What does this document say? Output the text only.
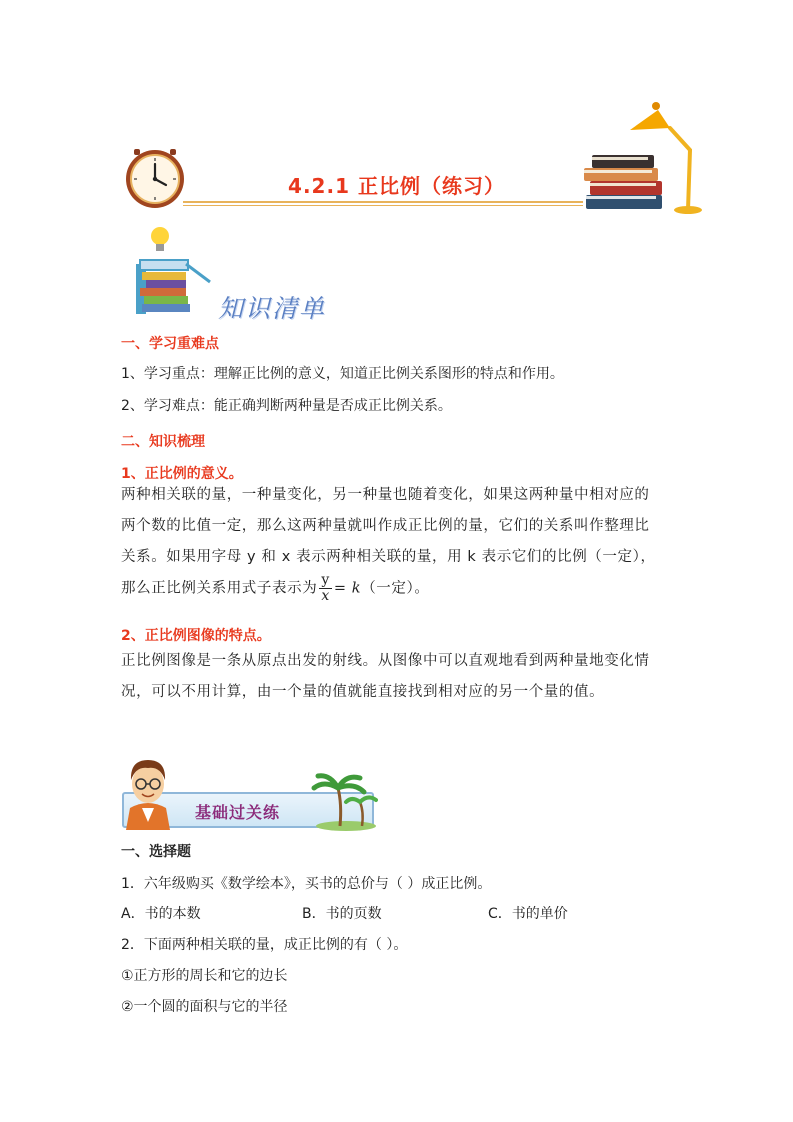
4.2.1 正比例（练习）
知识清单
一、学习重难点
1、学习重点：理解正比例的意义，知道正比例关系图形的特点和作用。
2、学习难点：能正确判断两种量是否成正比例关系。
二、知识梳理
1、正比例的意义。
两种相关联的量，一种量变化，另一种量也随着变化，如果这两种量中相对应的两个数的比值一定，那么这两种量就叫作成正比例的量，它们的关系叫作整理比关系。如果用字母 y 和 x 表示两种相关联的量，用 k 表示它们的比例（一定），那么正比例关系用式子表示为 $\frac{y}{x} = k$（一定）。
2、正比例图像的特点。
正比例图像是一条从原点出发的射线。从图像中可以直观地看到两种量地变化情况，可以不用计算，由一个量的值就能直接找到相对应的另一个量的值。
基础过关练
一、选择题
1．六年级购买《数学绘本》，买书的总价与（ ）成正比例。
A．书的本数	B．书的页数	C．书的单价
2．下面两种相关联的量，成正比例的有（ ）。
①正方形的周长和它的边长
②一个圆的面积与它的半径
